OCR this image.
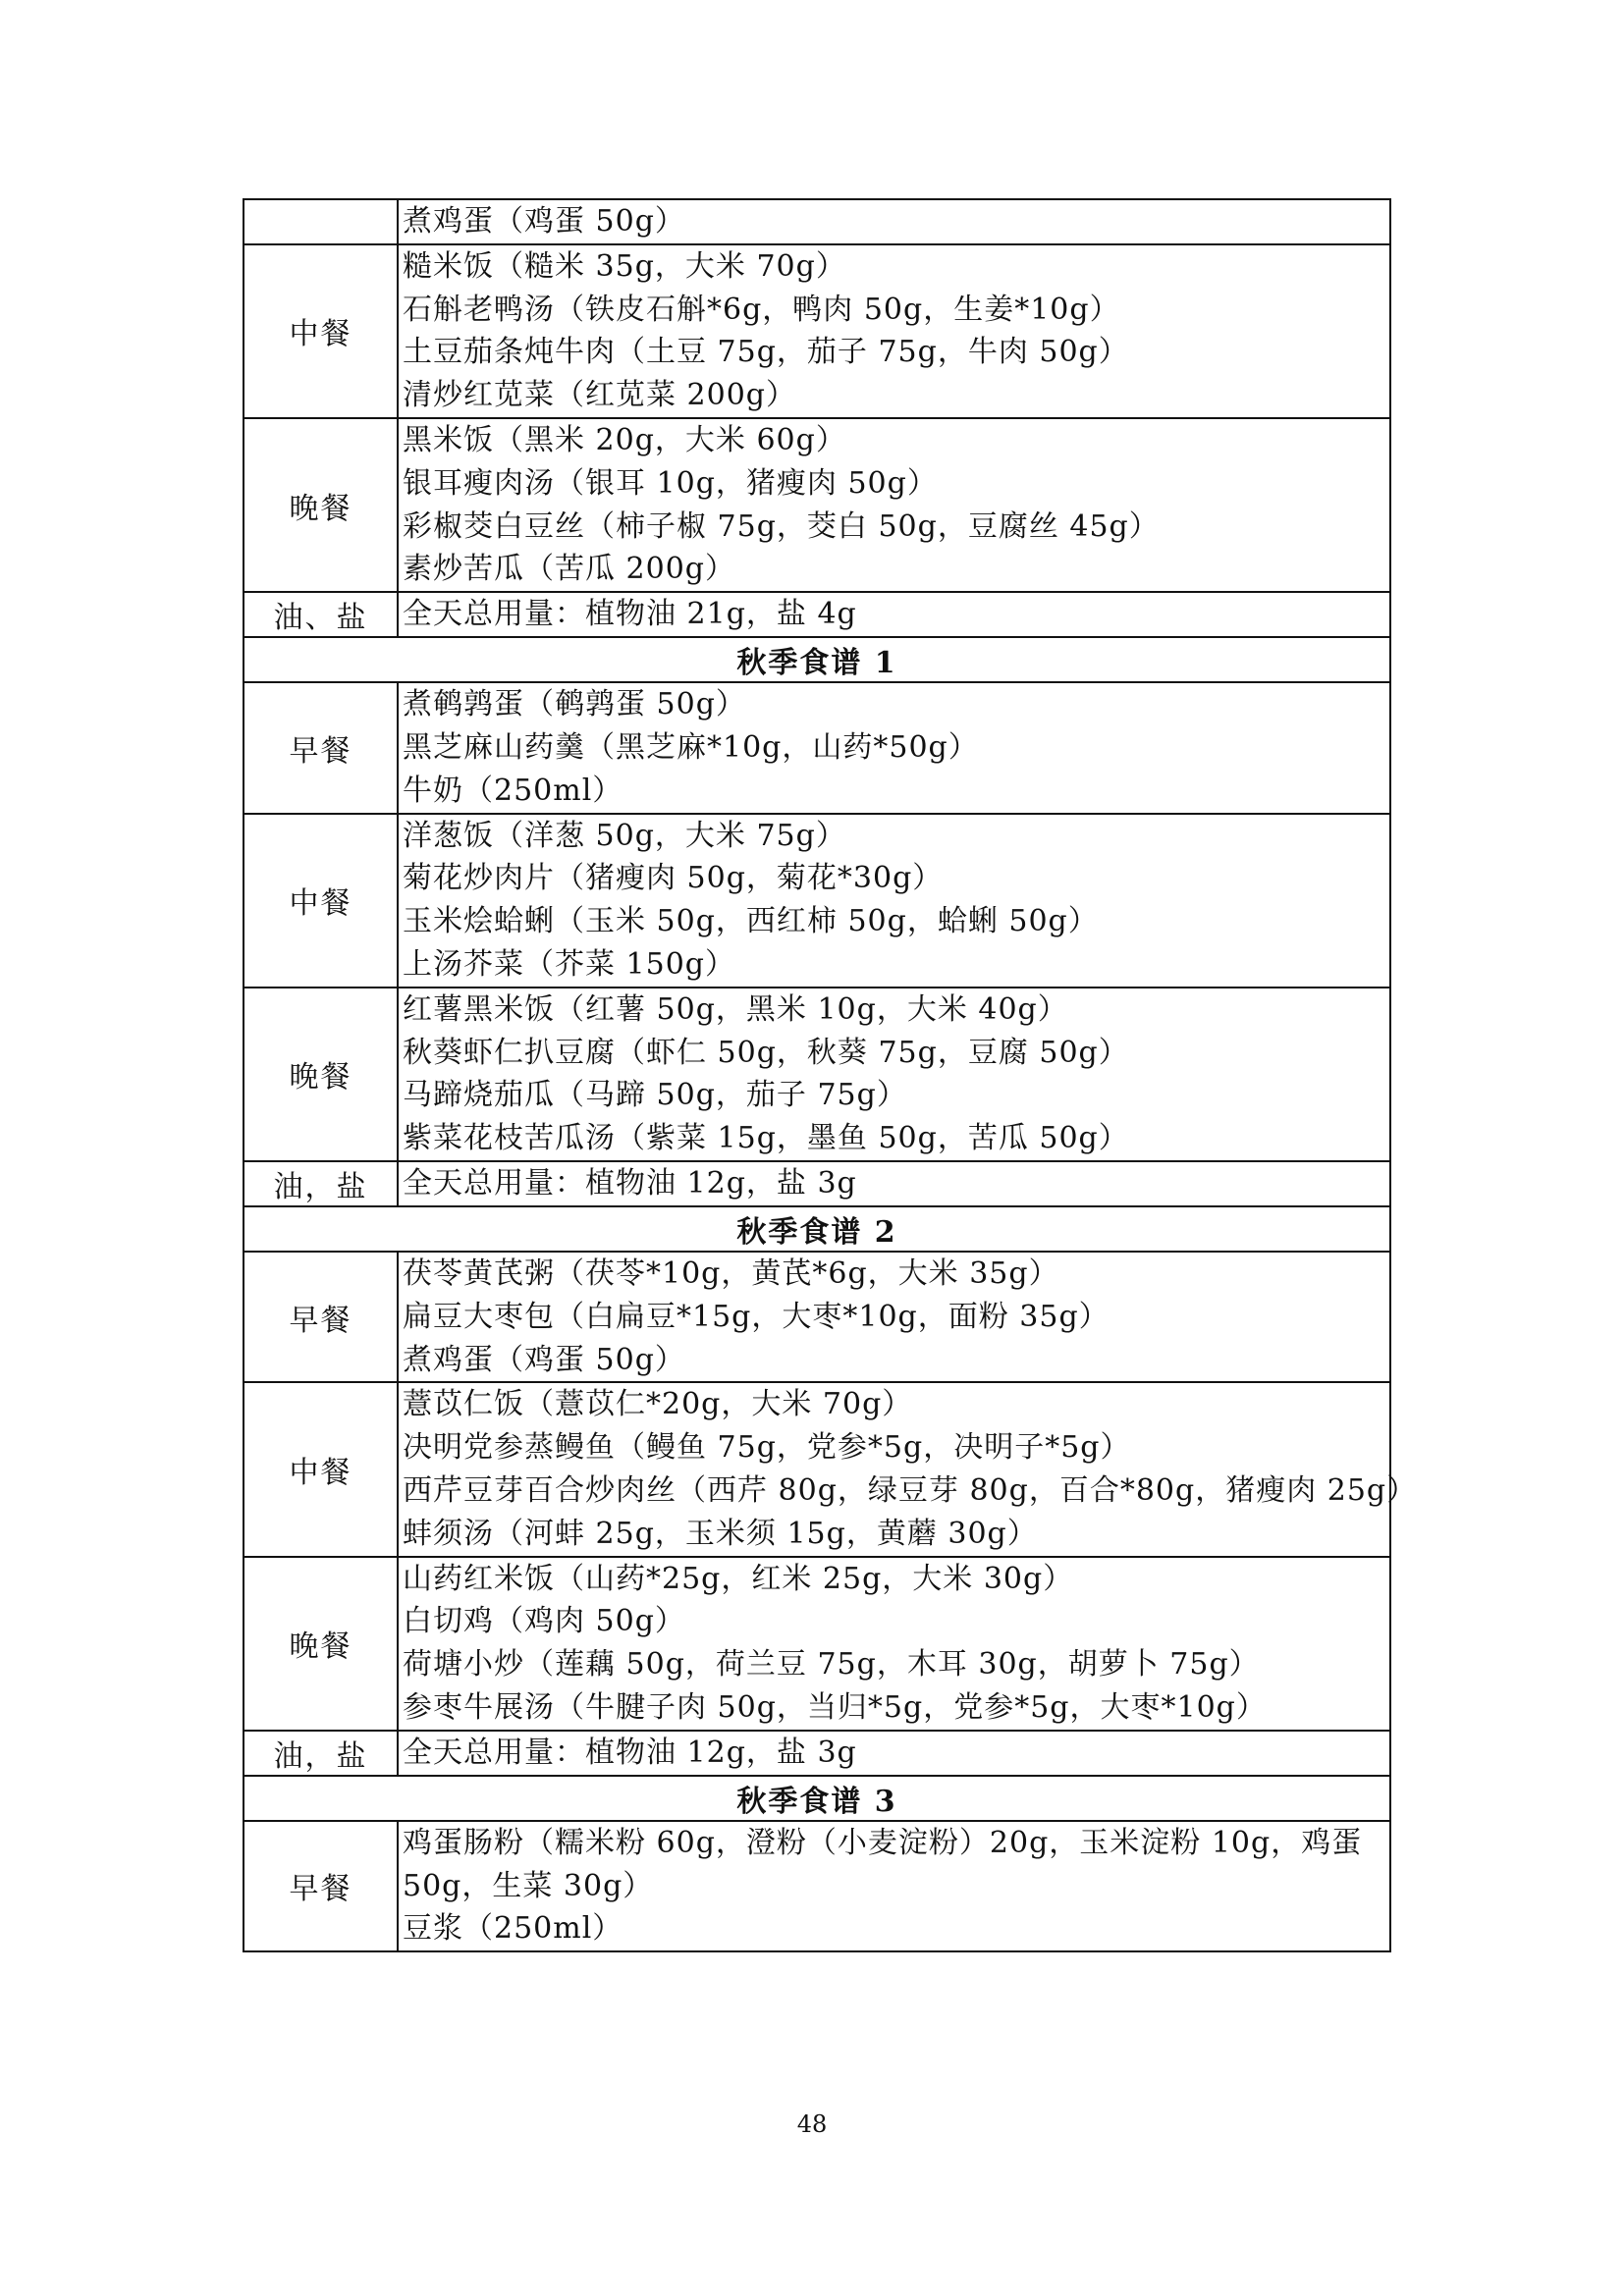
	煮鸡蛋（鸡蛋 50g）

中餐	糙米饭（糙米 35g，大米 70g）
石斛老鸭汤（铁皮石斛*6g，鸭肉 50g，生姜*10g）
土豆茄条炖牛肉（土豆 75g，茄子 75g，牛肉 50g）
清炒红苋菜（红苋菜 200g）

晚餐	黑米饭（黑米 20g，大米 60g）
银耳瘦肉汤（银耳 10g，猪瘦肉 50g）
彩椒茭白豆丝（柿子椒 75g，茭白 50g，豆腐丝 45g）
素炒苦瓜（苦瓜 200g）

油、盐	全天总用量：植物油 21g，盐 4g
秋季食谱 1	
早餐	煮鹌鹑蛋（鹌鹑蛋 50g）
黑芝麻山药羹（黑芝麻*10g，山药*50g）
牛奶（250ml）

中餐	洋葱饭（洋葱 50g，大米 75g）
菊花炒肉片（猪瘦肉 50g，菊花*30g）
玉米烩蛤蜊（玉米 50g，西红柿 50g，蛤蜊 50g）
上汤芥菜（芥菜 150g）

晚餐	红薯黑米饭（红薯 50g，黑米 10g，大米 40g）
秋葵虾仁扒豆腐（虾仁 50g，秋葵 75g，豆腐 50g）
马蹄烧茄瓜（马蹄 50g，茄子 75g）
紫菜花枝苦瓜汤（紫菜 15g，墨鱼 50g，苦瓜 50g）

油，盐	全天总用量：植物油 12g，盐 3g
秋季食谱 2	
早餐	茯苓黄芪粥（茯苓*10g，黄芪*6g，大米 35g）
扁豆大枣包（白扁豆*15g，大枣*10g，面粉 35g）
煮鸡蛋（鸡蛋 50g）

中餐	薏苡仁饭（薏苡仁*20g，大米 70g）
决明党参蒸鳗鱼（鳗鱼 75g，党参*5g，决明子*5g）
西芹豆芽百合炒肉丝（西芹 80g，绿豆芽 80g，百合*80g，猪瘦肉 25g）
蚌须汤（河蚌 25g，玉米须 15g，黄蘑 30g）

晚餐	山药红米饭（山药*25g，红米 25g，大米 30g）
白切鸡（鸡肉 50g）
荷塘小炒（莲藕 50g，荷兰豆 75g，木耳 30g，胡萝卜 75g）
参枣牛展汤（牛腱子肉 50g，当归*5g，党参*5g，大枣*10g）

油，盐	全天总用量：植物油 12g，盐 3g
秋季食谱 3	
早餐	鸡蛋肠粉（糯米粉 60g，澄粉（小麦淀粉）20g，玉米淀粉 10g，鸡蛋
50g，生菜 30g）
豆浆（250ml）
48
